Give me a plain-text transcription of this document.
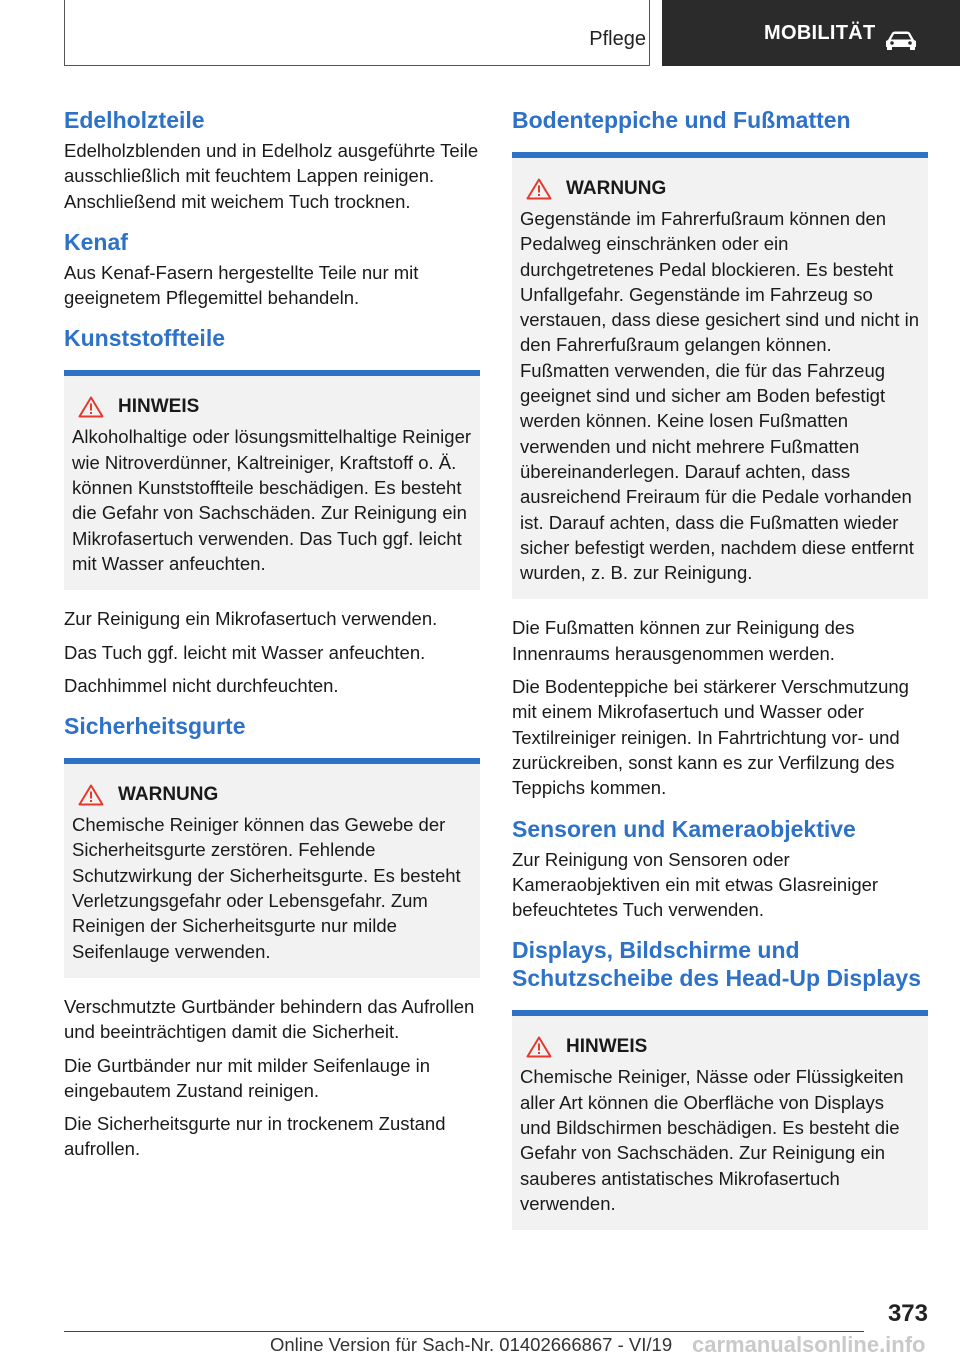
Pflege	MOBILITÄT
Edelholzteile

Edelholzblenden und in Edelholz ausgeführte Teile ausschließlich mit feuchtem Lappen reinigen. Anschließend mit weichem Tuch trocknen.

Kenaf

Aus Kenaf-Fasern hergestellte Teile nur mit geeignetem Pflegemittel behandeln.

Kunststoffteile
HINWEIS
Alkoholhaltige oder lösungsmittelhaltige Reiniger wie Nitroverdünner, Kaltreiniger, Kraftstoff o. Ä. können Kunststoffteile beschädigen. Es besteht die Gefahr von Sachschäden. Zur Reinigung ein Mikrofasertuch verwenden. Das Tuch ggf. leicht mit Wasser anfeuchten.

Zur Reinigung ein Mikrofasertuch verwenden.

Das Tuch ggf. leicht mit Wasser anfeuchten.

Dachhimmel nicht durchfeuchten.

Sicherheitsgurte
WARNUNG
Chemische Reiniger können das Gewebe der Sicherheitsgurte zerstören. Fehlende Schutzwirkung der Sicherheitsgurte. Es besteht Verletzungsgefahr oder Lebensgefahr. Zum Reinigen der Sicherheitsgurte nur milde Seifenlauge verwenden.

Verschmutzte Gurtbänder behindern das Aufrollen und beeinträchtigen damit die Sicherheit.

Die Gurtbänder nur mit milder Seifenlauge in eingebautem Zustand reinigen.

Die Sicherheitsgurte nur in trockenem Zustand aufrollen.

Bodenteppiche und Fußmatten
WARNUNG
Gegenstände im Fahrerfußraum können den Pedalweg einschränken oder ein durchgetretenes Pedal blockieren. Es besteht Unfallgefahr. Gegenstände im Fahrzeug so verstauen, dass diese gesichert sind und nicht in den Fahrerfußraum gelangen können. Fußmatten verwenden, die für das Fahrzeug geeignet sind und sicher am Boden befestigt werden können. Keine losen Fußmatten verwenden und nicht mehrere Fußmatten übereinanderlegen. Darauf achten, dass ausreichend Freiraum für die Pedale vorhanden ist. Darauf achten, dass die Fußmatten wieder sicher befestigt werden, nachdem diese entfernt wurden, z. B. zur Reinigung.

Die Fußmatten können zur Reinigung des Innenraums herausgenommen werden.

Die Bodenteppiche bei stärkerer Verschmutzung mit einem Mikrofasertuch und Wasser oder Textilreiniger reinigen. In Fahrtrichtung vor- und zurückreiben, sonst kann es zur Verfilzung des Teppichs kommen.

Sensoren und Kameraobjektive

Zur Reinigung von Sensoren oder Kameraobjektiven ein mit etwas Glasreiniger befeuchtetes Tuch verwenden.

Displays, Bildschirme und Schutzscheibe des Head-Up Displays
HINWEIS
Chemische Reiniger, Nässe oder Flüssigkeiten aller Art können die Oberfläche von Displays und Bildschirmen beschädigen. Es besteht die Gefahr von Sachschäden. Zur Reinigung ein sauberes antistatisches Mikrofasertuch verwenden.
373
Online Version für Sach-Nr. 01402666867 - VI/19 carmanualsonline.info
